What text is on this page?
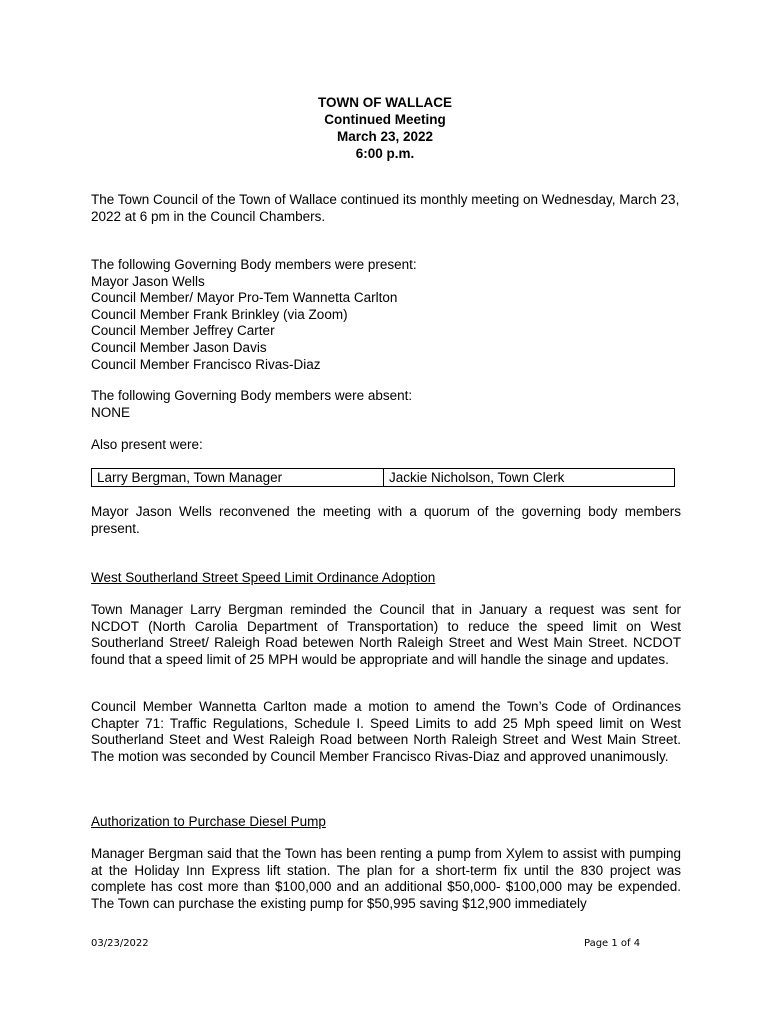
TOWN OF WALLACE
Continued Meeting
March 23, 2022
6:00 p.m.

The Town Council of the Town of Wallace continued its monthly meeting on Wednesday, March 23, 2022 at 6 pm in the Council Chambers.

The following Governing Body members were present:
Mayor Jason Wells
Council Member/ Mayor Pro-Tem Wannetta Carlton
Council Member Frank Brinkley (via Zoom)
Council Member Jeffrey Carter
Council Member Jason Davis
Council Member Francisco Rivas-Diaz
The following Governing Body members were absent:
NONE

Also present were:

Larry Bergman, Town Manager	Jackie Nicholson, Town Clerk

Mayor Jason Wells reconvened the meeting with a quorum of the governing body members present.

West Southerland Street Speed Limit Ordinance Adoption

Town Manager Larry Bergman reminded the Council that in January a request was sent for NCDOT (North Carolia Department of Transportation) to reduce the speed limit on West Southerland Street/ Raleigh Road betewen North Raleigh Street and West Main Street. NCDOT found that a speed limit of 25 MPH would be appropriate and will handle the sinage and updates.

Council Member Wannetta Carlton made a motion to amend the Town’s Code of Ordinances Chapter 71: Traffic Regulations, Schedule I. Speed Limits to add 25 Mph speed limit on West Southerland Steet and West Raleigh Road between North Raleigh Street and West Main Street. The motion was seconded by Council Member Francisco Rivas-Diaz and approved unanimously.

Authorization to Purchase Diesel Pump

Manager Bergman said that the Town has been renting a pump from Xylem to assist with pumping at the Holiday Inn Express lift station. The plan for a short-term fix until the 830 project was complete has cost more than $100,000 and an additional $50,000- $100,000 may be expended. The Town can purchase the existing pump for $50,995 saving $12,900 immediately

03/23/2022	Page 1 of 4
